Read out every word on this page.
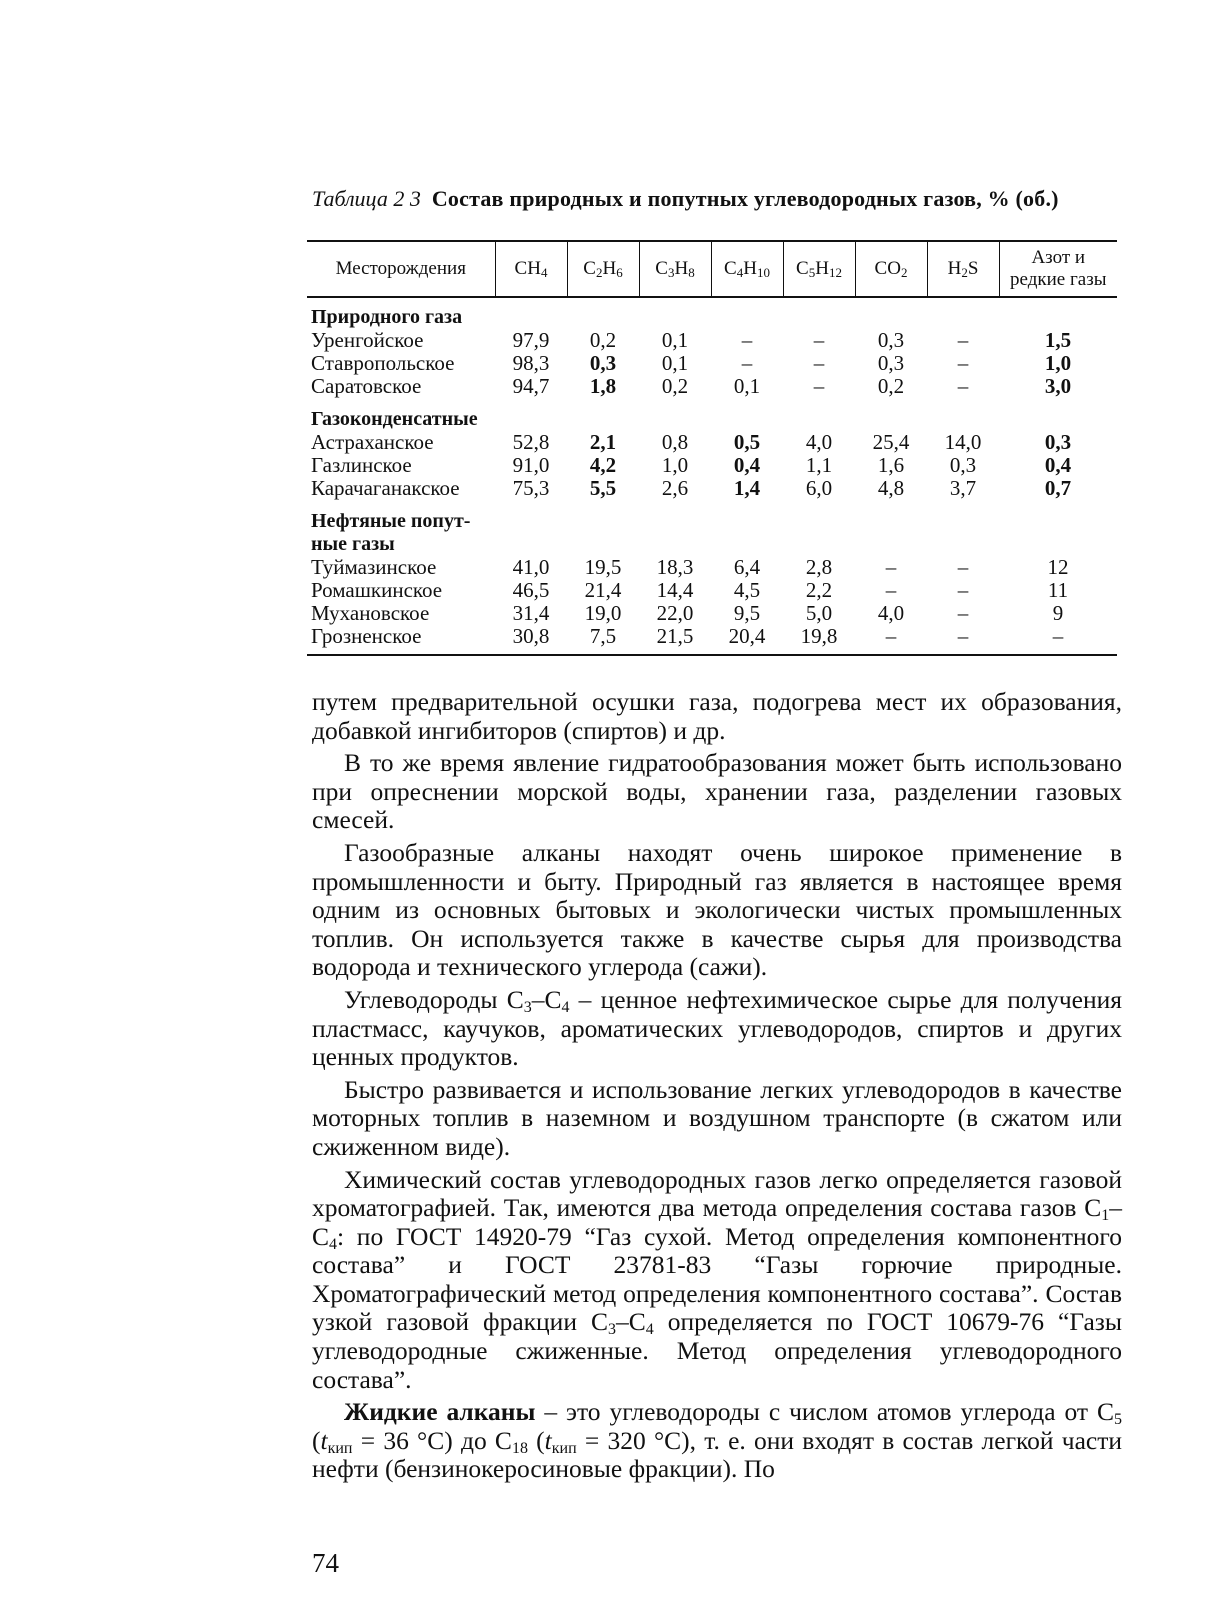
Таблица 2 3 Состав природных и попутных углеводородных газов, % (об.)
Месторождения	$CH_4$	$C_2H_6$	$C_3H_8$	$C_4H_{10}$	$C_5H_{12}$	$CO_2$	$H_2S$	Азот и
редкие газы
Природного газа								
Уренгойское	97,9	0,2	0,1	–	–	0,3	–	1,5
Ставропольское	98,3	0,3	0,1	–	–	0,3	–	1,0
Саратовское	94,7	1,8	0,2	0,1	–	0,2	–	3,0
Газоконденсатные								
Астраханское	52,8	2,1	0,8	0,5	4,0	25,4	14,0	0,3
Газлинское	91,0	4,2	1,0	0,4	1,1	1,6	0,3	0,4
Карачаганакское	75,3	5,5	2,6	1,4	6,0	4,8	3,7	0,7
Нефтяные попут-								
ные газы								
Туймазинское	41,0	19,5	18,3	6,4	2,8	–	–	12
Ромашкинское	46,5	21,4	14,4	4,5	2,2	–	–	11
Мухановское	31,4	19,0	22,0	9,5	5,0	4,0	–	9
Грозненское	30,8	7,5	21,5	20,4	19,8	–	–	–

путем предварительной осушки газа, подогрева мест их образования, добавкой ингибиторов (спиртов) и др.

В то же время явление гидратообразования может быть использовано при опреснении морской воды, хранении газа, разделении газовых смесей.

Газообразные алканы находят очень широкое применение в промышленности и быту. Природный газ является в настоящее время одним из основных бытовых и экологически чистых промышленных топлив. Он используется также в качестве сырья для производства водорода и технического углерода (сажи).

Углеводороды $C_3-C_4$ – ценное нефтехимическое сырье для получения пластмасс, каучуков, ароматических углеводородов, спиртов и других ценных продуктов.

Быстро развивается и использование легких углеводородов в качестве моторных топлив в наземном и воздушном транспорте (в сжатом или сжиженном виде).

Химический состав углеводородных газов легко определяется газовой хроматографией. Так, имеются два метода определения состава газов $C_1-C_4$: по ГОСТ 14920-79 “Газ сухой. Метод определения компонентного состава” и ГОСТ 23781-83 “Газы горючие природные. Хроматографический метод определения компонентного состава”. Состав узкой газовой фракции $C_3-C_4$ определяется по ГОСТ 10679-76 “Газы углеводородные сжиженные. Метод определения углеводородного состава”.

Жидкие алканы – это углеводороды с числом атомов углерода от $C_5$ ($t_{кип} = 36$ °C) до $C_{18}$ ($t_{кип} = 320$ °C), т. е. они входят в состав легкой части нефти (бензинокеросиновые фракции). По

74
